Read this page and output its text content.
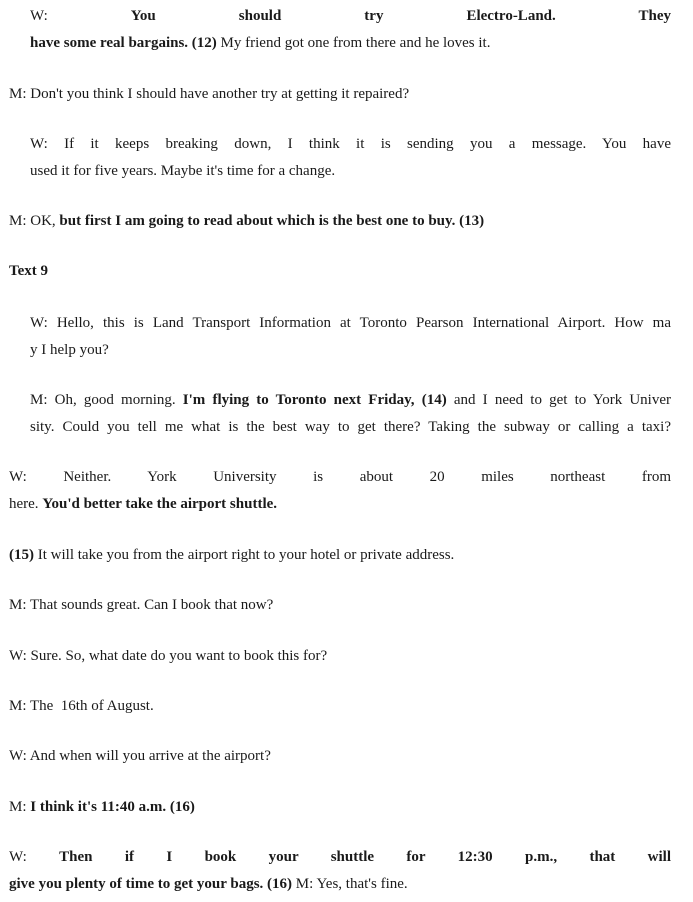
W: You should try Electro-Land. They
have some real bargains. (12) My friend got one from there and he loves it.
M: Don't you think I should have another try at getting it repaired?
W: If it keeps breaking down, I think it is sending you a message. You have
used it for five years. Maybe it's time for a change.
M: OK, but first I am going to read about which is the best one to buy. (13)
Text 9
W: Hello, this is Land Transport Information at Toronto Pearson International Airport. How ma
y I help you?
M: Oh, good morning. I'm flying to Toronto next Friday, (14) and I need to get to York Univer
sity. Could you tell me what is the best way to get there? Taking the subway or calling a taxi?
W: Neither. York University is about 20 miles northeast from
here. You'd better take the airport shuttle.
(15) It will take you from the airport right to your hotel or private address.
M: That sounds great. Can I book that now?
W: Sure. So, what date do you want to book this for?
M: The  16th of August.
W: And when will you arrive at the airport?
M: I think it's 11:40 a.m. (16)
W: Then if I book your shuttle for 12:30 p.m., that will
give you plenty of time to get your bags. (16) M: Yes, that's fine.
